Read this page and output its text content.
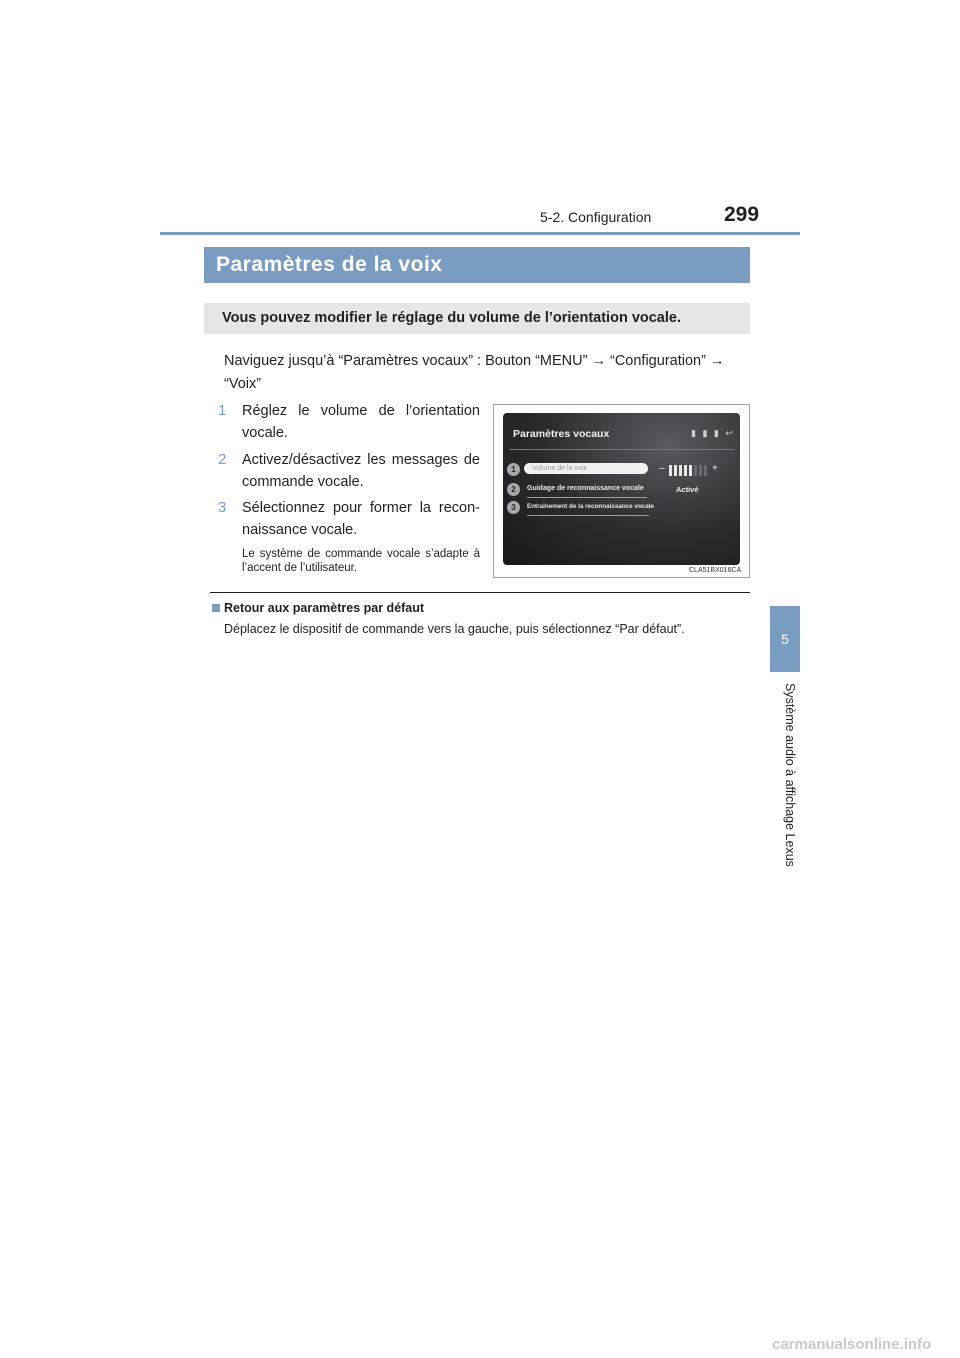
5-2. Configuration	299
5
Système audio à affichage Lexus
Paramètres de la voix
Vous pouvez modifier le réglage du volume de l’orientation vocale.
Naviguez jusqu’à “Paramètres vocaux” : Bouton “MENU” → “Configuration” → “Voix”
1 Réglez le volume de l’orientation vocale.
2 Activez/désactivez les messages de commande vocale.
3 Sélectionnez pour former la recon-naissance vocale.
Le système de commande vocale s’adapte à l’accent de l’utilisateur.
Paramètres vocaux	▮ ▮ ▮ ↩
1	Volume de la voix	–	+
2	Guidage de reconnaissance vocale	Activé
3	Entraînement de la reconnaissance vocale
CLA51BX016CA
Retour aux paramètres par défaut
Déplacez le dispositif de commande vers la gauche, puis sélectionnez “Par défaut”.
carmanualsonline.info
